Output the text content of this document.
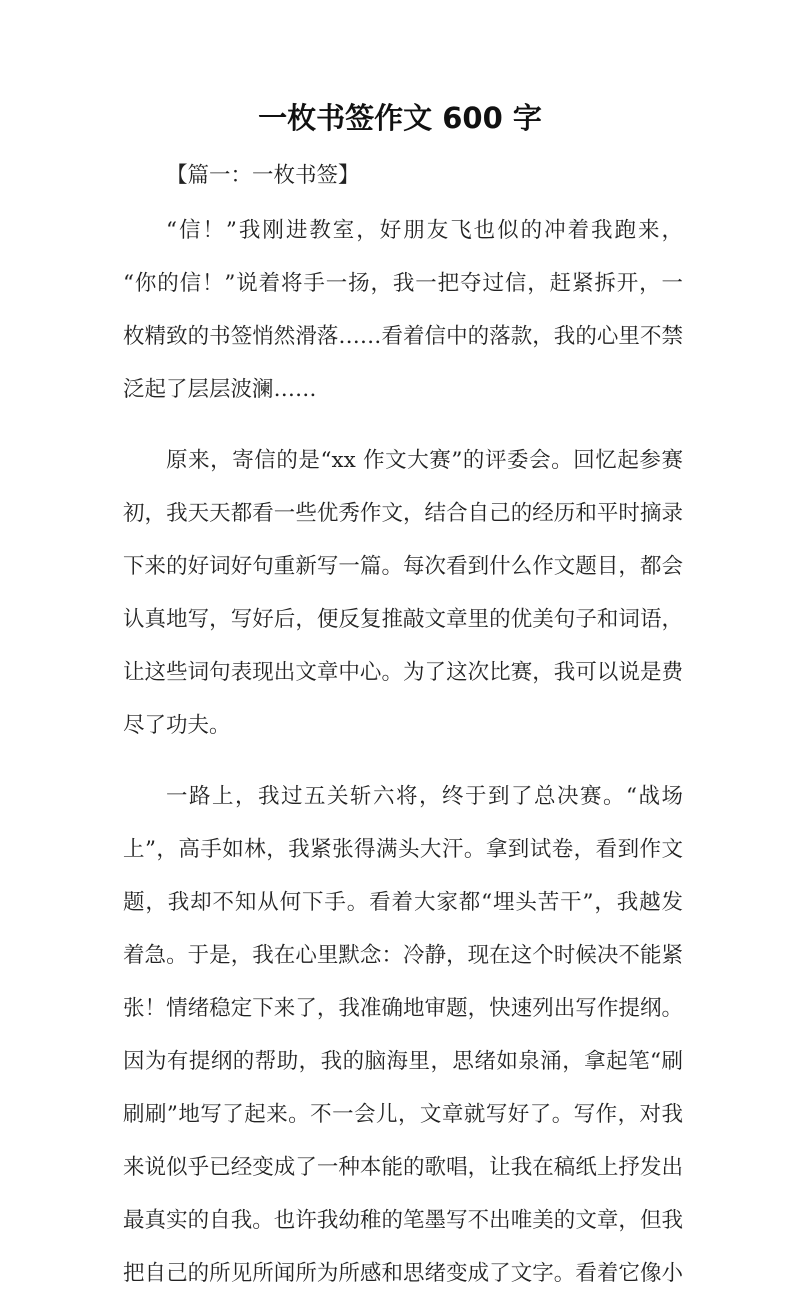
一枚书签作文 600 字

【篇一：一枚书签】

“信！”我刚进教室，好朋友飞也似的冲着我跑来，
“你的信！”说着将手一扬，我一把夺过信，赶紧拆开，一
枚精致的书签悄然滑落……看着信中的落款，我的心里不禁
泛起了层层波澜……

原来，寄信的是“xx 作文大赛”的评委会。回忆起参赛
初，我天天都看一些优秀作文，结合自己的经历和平时摘录
下来的好词好句重新写一篇。每次看到什么作文题目，都会
认真地写，写好后，便反复推敲文章里的优美句子和词语，
让这些词句表现出文章中心。为了这次比赛，我可以说是费
尽了功夫。

一路上，我过五关斩六将，终于到了总决赛。“战场
上”，高手如林，我紧张得满头大汗。拿到试卷，看到作文
题，我却不知从何下手。看着大家都“埋头苦干”，我越发
着急。于是，我在心里默念：冷静，现在这个时候决不能紧
张！情绪稳定下来了，我准确地审题，快速列出写作提纲。
因为有提纲的帮助，我的脑海里，思绪如泉涌，拿起笔“刷
刷刷”地写了起来。不一会儿，文章就写好了。写作，对我
来说似乎已经变成了一种本能的歌唱，让我在稿纸上抒发出
最真实的自我。也许我幼稚的笔墨写不出唯美的文章，但我
把自己的所见所闻所为所感和思绪变成了文字。看着它像小
